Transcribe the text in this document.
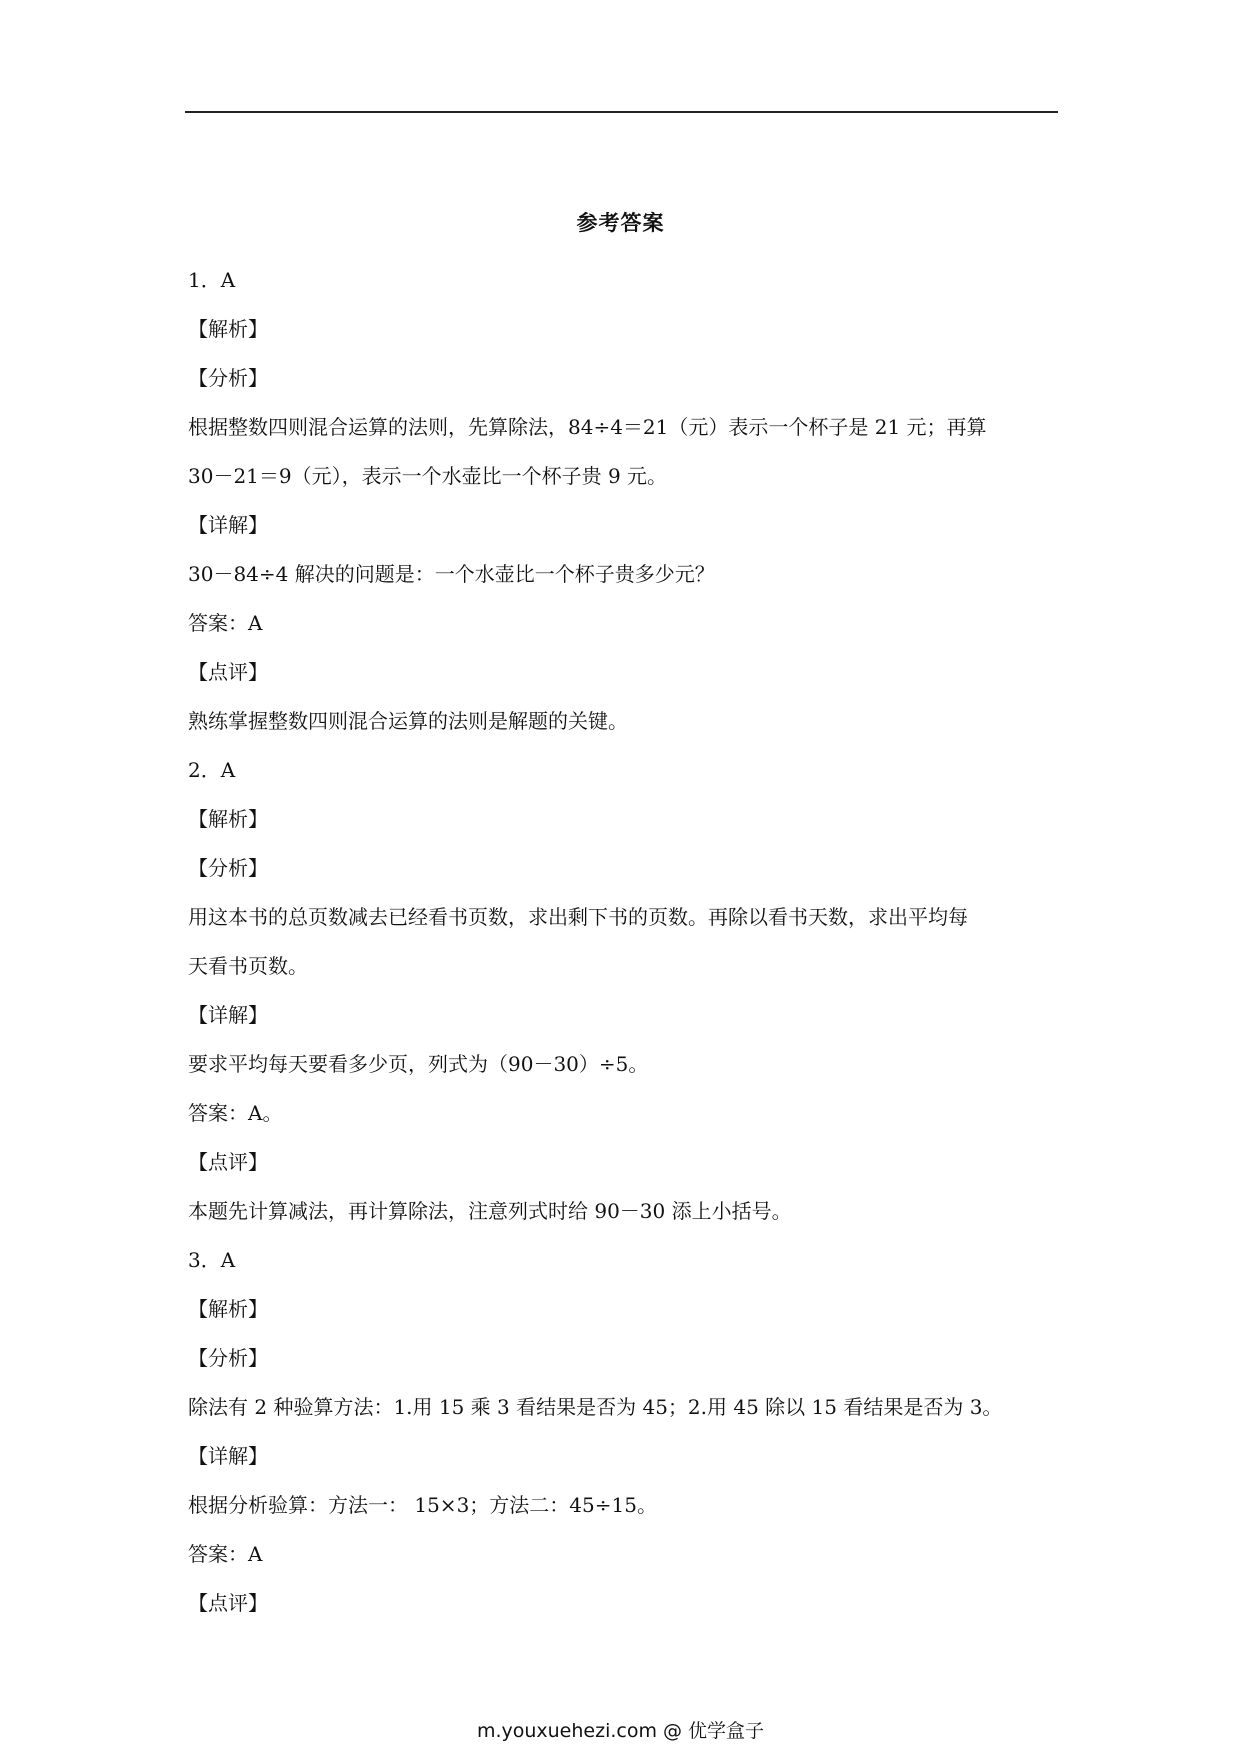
参考答案
1．A
【解析】
【分析】
根据整数四则混合运算的法则，先算除法，84÷4＝21（元）表示一个杯子是 21 元；再算
30－21＝9（元），表示一个水壶比一个杯子贵 9 元。
【详解】
30－84÷4 解决的问题是：一个水壶比一个杯子贵多少元？
答案：A
【点评】
熟练掌握整数四则混合运算的法则是解题的关键。
2．A
【解析】
【分析】
用这本书的总页数减去已经看书页数，求出剩下书的页数。再除以看书天数，求出平均每
天看书页数。
【详解】
要求平均每天要看多少页，列式为（90－30）÷5。
答案：A。
【点评】
本题先计算减法，再计算除法，注意列式时给 90－30 添上小括号。
3．A
【解析】
【分析】
除法有 2 种验算方法：1.用 15 乘 3 看结果是否为 45；2.用 45 除以 15 看结果是否为 3。
【详解】
根据分析验算：方法一： 15×3；方法二：45÷15。
答案：A
【点评】
m.youxuehezi.com @ 优学盒子
